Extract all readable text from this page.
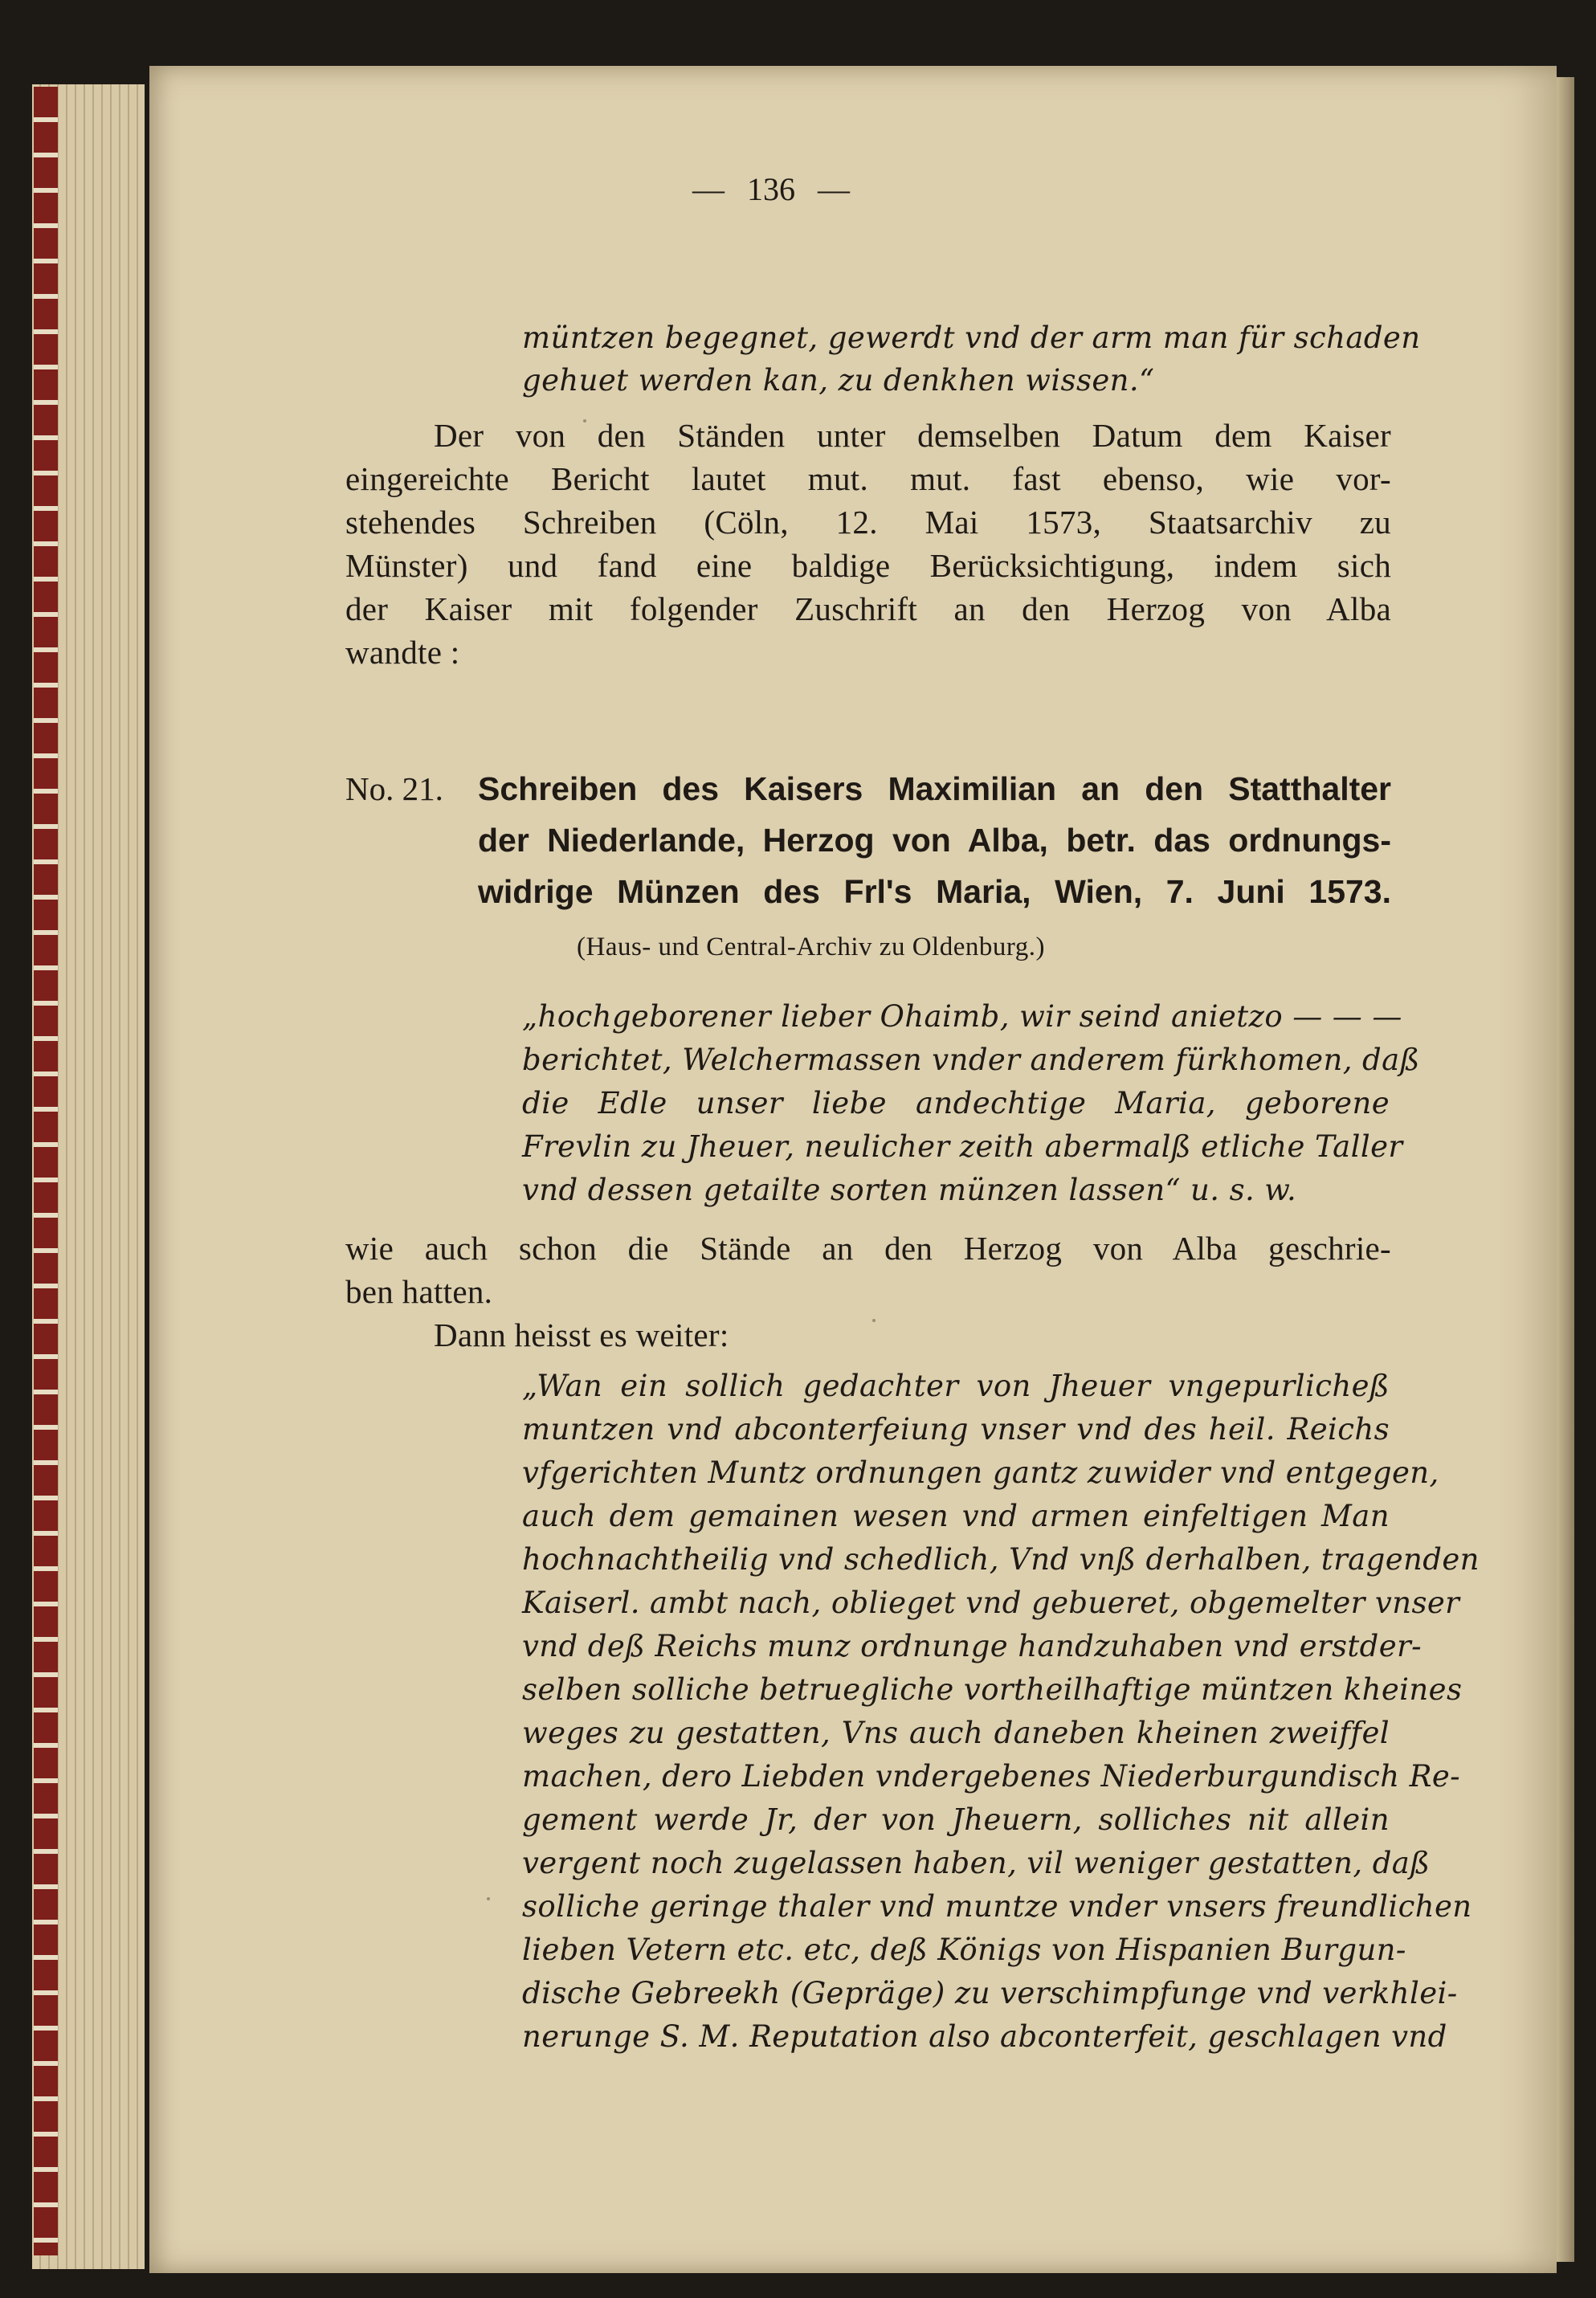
— 136 —
müntzen begegnet, gewerdt vnd der arm man für schaden
gehuet werden kan, zu denkhen wissen.“
Der von den Ständen unter demselben Datum dem Kaiser
eingereichte Bericht lautet mut. mut. fast ebenso, wie vor-
stehendes Schreiben (Cöln, 12. Mai 1573, Staatsarchiv zu
Münster) und fand eine baldige Berücksichtigung, indem sich
der Kaiser mit folgender Zuschrift an den Herzog von Alba
wandte :
No. 21. Schreiben des Kaisers Maximilian an den Statthalter
der Niederlande, Herzog von Alba, betr. das ordnungs-
widrige Münzen des Frl's Maria, Wien, 7. Juni 1573.
(Haus- und Central-Archiv zu Oldenburg.)
„hochgeborener lieber Ohaimb, wir seind anietzo — — —
berichtet, Welchermassen vnder anderem fürkhomen, daß
die Edle unser liebe andechtige Maria, geborene
Frevlin zu Jheuer, neulicher zeith abermalß etliche Taller
vnd dessen getailte sorten münzen lassen“ u. s. w.
wie auch schon die Stände an den Herzog von Alba geschrie-
ben hatten.
Dann heisst es weiter:
„Wan ein sollich gedachter von Jheuer vngepurlicheß
muntzen vnd abconterfeiung vnser vnd des heil. Reichs
vfgerichten Muntz ordnungen gantz zuwider vnd entgegen,
auch dem gemainen wesen vnd armen einfeltigen Man
hochnachtheilig vnd schedlich, Vnd vnß derhalben, tragenden
Kaiserl. ambt nach, oblieget vnd gebueret, obgemelter vnser
vnd deß Reichs munz ordnunge handzuhaben vnd erstder-
selben solliche betruegliche vortheilhaftige müntzen kheines
weges zu gestatten, Vns auch daneben kheinen zweiffel
machen, dero Liebden vndergebenes Niederburgundisch Re-
gement werde Jr, der von Jheuern, solliches nit allein
vergent noch zugelassen haben, vil weniger gestatten, daß
solliche geringe thaler vnd muntze vnder vnsers freundlichen
lieben Vetern etc. etc, deß Königs von Hispanien Burgun-
dische Gebreekh (Gepräge) zu verschimpfunge vnd verkhlei-
nerunge S. M. Reputation also abconterfeit, geschlagen vnd
